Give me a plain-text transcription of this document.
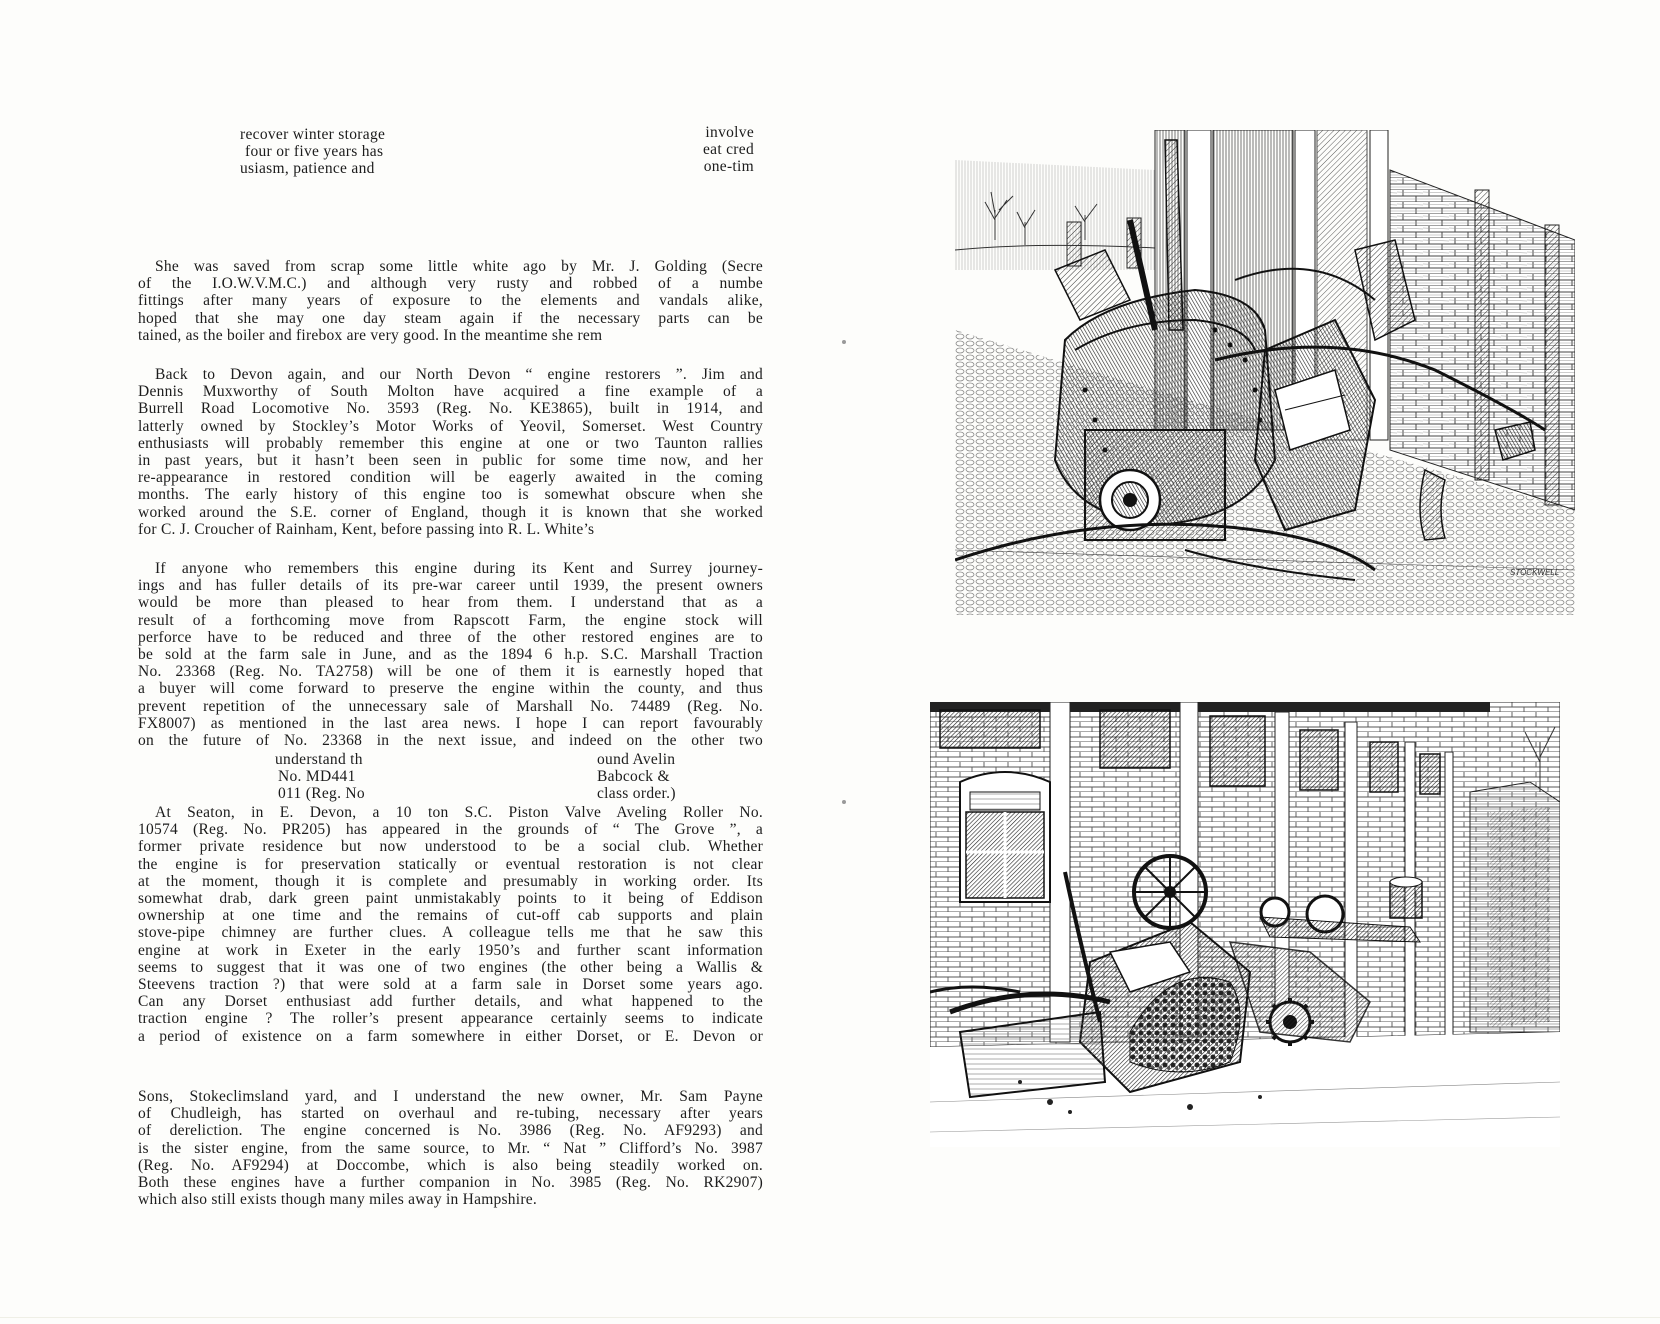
recover winter storage
four or five years has
usiasm, patience and
involve
eat cred
one-tim
She was saved from scrap some little white ago by Mr. J. Golding (Secre
of the I.O.W.V.M.C.) and although very rusty and robbed of a numbe
fittings after many years of exposure to the elements and vandals alike,
hoped that she may one day steam again if the necessary parts can be
tained, as the boiler and firebox are very good. In the meantime she rem
Back to Devon again, and our North Devon “ engine restorers ”. Jim and
Dennis Muxworthy of South Molton have acquired a fine example of a
Burrell Road Locomotive No. 3593 (Reg. No. KE3865), built in 1914, and
latterly owned by Stockley’s Motor Works of Yeovil, Somerset. West Country
enthusiasts will probably remember this engine at one or two Taunton rallies
in past years, but it hasn’t been seen in public for some time now, and her
re-appearance in restored condition will be eagerly awaited in the coming
months. The early history of this engine too is somewhat obscure when she
worked around the S.E. corner of England, though it is known that she worked
for C. J. Croucher of Rainham, Kent, before passing into R. L. White’s
If anyone who remembers this engine during its Kent and Surrey journey-
ings and has fuller details of its pre-war career until 1939, the present owners
would be more than pleased to hear from them. I understand that as a
result of a forthcoming move from Rapscott Farm, the engine stock will
perforce have to be reduced and three of the other restored engines are to
be sold at the farm sale in June, and as the 1894 6 h.p. S.C. Marshall Traction
No. 23368 (Reg. No. TA2758) will be one of them it is earnestly hoped that
a buyer will come forward to preserve the engine within the county, and thus
prevent repetition of the unnecessary sale of Marshall No. 74489 (Reg. No.
FX8007) as mentioned in the last area news. I hope I can report favourably
on the future of No. 23368 in the next issue, and indeed on the other two
understand th
No. MD441
011 (Reg. No
ound Avelin
Babcock &
class order.)
At Seaton, in E. Devon, a 10 ton S.C. Piston Valve Aveling Roller No.
10574 (Reg. No. PR205) has appeared in the grounds of “ The Grove ”, a
former private residence but now understood to be a social club. Whether
the engine is for preservation statically or eventual restoration is not clear
at the moment, though it is complete and presumably in working order. Its
somewhat drab, dark green paint unmistakably points to it being of Eddison
ownership at one time and the remains of cut-off cab supports and plain
stove-pipe chimney are further clues. A colleague tells me that he saw this
engine at work in Exeter in the early 1950’s and further scant information
seems to suggest that it was one of two engines (the other being a Wallis &
Steevens traction ?) that were sold at a farm sale in Dorset some years ago.
Can any Dorset enthusiast add further details, and what happened to the
traction engine ? The roller’s present appearance certainly seems to indicate
a period of existence on a farm somewhere in either Dorset, or E. Devon or
Sons, Stokeclimsland yard, and I understand the new owner, Mr. Sam Payne
of Chudleigh, has started on overhaul and re-tubing, necessary after years
of dereliction. The engine concerned is No. 3986 (Reg. No. AF9293) and
is the sister engine, from the same source, to Mr. “ Nat ” Clifford’s No. 3987
(Reg. No. AF9294) at Doccombe, which is also being steadily worked on.
Both these engines have a further companion in No. 3985 (Reg. No. RK2907)
which also still exists though many miles away in Hampshire.
STOCKWELL
